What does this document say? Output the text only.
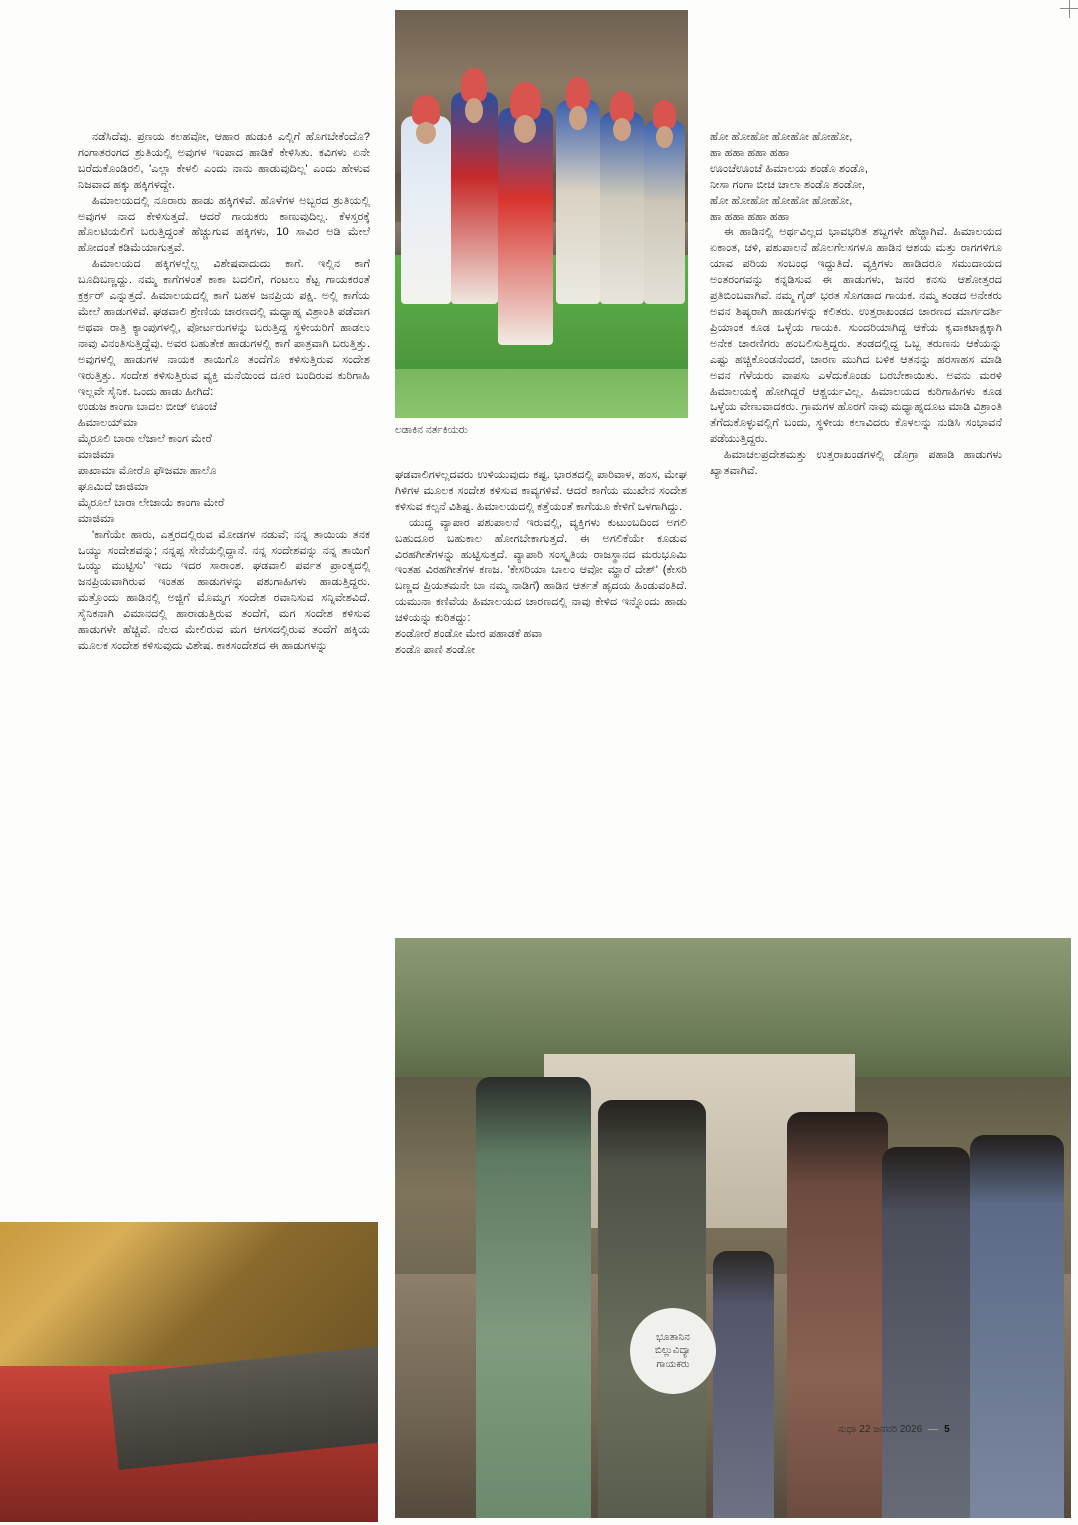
ಲಡಾಕಿನ ನರ್ತಕಿಯರು

ನಡೆಸಿದೆವು. ಪ್ರಣಯ ಕಲಹವೋ, ಆಹಾರ ಹುಡುಕಿ ಎಲ್ಲಿಗೆ ಹೊಗಬೇಕೆಂದೊ? ಗಂಗಾತರಂಗದ ಶ್ರುತಿಯಲ್ಲಿ ಅವುಗಳ ಇಂಪಾದ ಹಾಡಿಕೆ ಕೇಳಿಸಿತು. ಕವಿಗಳು ಏನೇ ಬರೆದುಕೊಂಡಿರಲಿ, 'ಎಲ್ಲಾ ಕೇಳಲಿ ಎಂದು ನಾನು ಹಾಡುವುದಿಲ್ಲ' ಎಂದು ಹೇಳುವ ನಿಜವಾದ ಹಕ್ಕು ಹಕ್ಕಿಗಳದ್ದೇ.

ಹಿಮಾಲಯದಲ್ಲಿ ನೂರಾರು ಹಾಡು ಹಕ್ಕಿಗಳಿವೆ. ಹೊಳೆಗಳ ಅಬ್ಬರದ ಶ್ರುತಿಯಲ್ಲಿ ಅವುಗಳ ನಾದ ಕೇಳಿಸುತ್ತದೆ. ಆದರೆ ಗಾಯಕರು ಕಾಣುವುದಿಲ್ಲ. ಕೆಳಸ್ತರಕ್ಕೆ ಹೊಲಟಿಯಲಿಗೆ ಬರುತ್ತಿದ್ದಂತೆ ಹೆಚ್ಚುಗುವ ಹಕ್ಕಿಗಳು, 10 ಸಾವಿರ ಅಡಿ ಮೇಲೆ ಹೋದಂತೆ ಕಡಿಮೆಯಾಗುತ್ತವೆ.

ಹಿಮಾಲಯದ ಹಕ್ಕಿಗಳಲ್ಲೆಲ್ಲ ವಿಶೇಷವಾದುದು ಕಾಗೆ. ಇಲ್ಲಿನ ಕಾಗೆ ಬೂದಿಬಣ್ಣದ್ದು. ನಮ್ಮ ಕಾಗೆಗಳಂತೆ ಕಾಕಾ ಬದಲಿಗೆ, ಗಂಟಲು ಕೆಟ್ಟ ಗಾಯಕರಂತೆ ಕ್ರರ್ಕ್ರರ್ ಎನ್ನುತ್ತದೆ. ಹಿಮಾಲಯದಲ್ಲಿ ಕಾಗೆ ಬಹಳ ಜನಪ್ರಿಯ ಪಕ್ಷಿ. ಅಲ್ಲಿ ಕಾಗೆಯ ಮೇಲೆ ಹಾಡುಗಳಿವೆ. ಘಡವಾಲಿ ಶ್ರೇಣಿಯ ಚಾರಣದಲ್ಲಿ ಮಧ್ಯಾಹ್ನ ವಿಶ್ರಾಂತಿ ಪಡೆವಾಗ ಅಥವಾ ರಾತ್ರಿ ಕ್ಯಾಂಪುಗಳಲ್ಲಿ, ಪೋರ್ಟರುಗಳನ್ನು ಬರುತ್ತಿದ್ದ ಸ್ಥಳೀಯರಿಗೆ ಹಾಡಲು ನಾವು ವಿನಂತಿಸುತ್ತಿದ್ದೆವು. ಅವರ ಬಹುತೇಕ ಹಾಡುಗಳಲ್ಲಿ ಕಾಗೆ ಪಾತ್ರವಾಗಿ ಬರುತ್ತಿತ್ತು. ಅವುಗಳಲ್ಲಿ ಹಾಡುಗಳ ನಾಯಕ ತಾಯಿಗೊ ತಂದೆಗೊ ಕಳಿಸುತ್ತಿರುವ ಸಂದೇಶ ಇರುತ್ತಿತ್ತು. ಸಂದೇಶ ಕಳಿಸುತ್ತಿರುವ ವ್ಯಕ್ತಿ ಮನೆಯಿಂದ ದೂರ ಬಂದಿರುವ ಕುರಿಗಾಹಿ ಇಲ್ಲವೇ ಸೈನಿಕ. ಒಂದು ಹಾಡು ಹೀಗಿದೆ:

ಉಡುಜ ಕಾಂಗಾ ಬಾದಲ ಬೀಜ್ ಊಂಚೆ

ಹಿಮಾಲಯ್‌ಮಾ

ಮೈರೂಲಿ ಬಾರಾ ಲೆಜಾಲೆ ಕಾಂಗ ಮೇರೆ

ಮಾಜಿಮಾ

ಪಾಖಾಮಾ ಮೋರೊ ಫೌಜಮಾ ಹಾಲೊ

ಘೂಮಿದೆ ಜಾಜಿಮಾ

ಮೈರೂಲೆ ಬಾರಾ ಲೇಜಾಯೆ ಕಾಂಗಾ ಮೇರೆ

ಮಾಜಿಮಾ

'ಕಾಗೆಯೇ ಹಾರು, ಎತ್ತರದಲ್ಲಿರುವ ಮೋಡಗಳ ನಡುವೆ; ನನ್ನ ತಾಯಿಯ ತನಕ ಒಯ್ಯು ಸಂದೇಶವನ್ನು; ನನ್ನಪ್ಪ ಸೇನೆಯಲ್ಲಿದ್ದಾನೆ. ನನ್ನ ಸಂದೇಶವನ್ನು ನನ್ನ ತಾಯಿಗೆ ಒಯ್ಯು ಮುಟ್ಟಿಸು' ಇದು ಇದರ ಸಾರಾಂಶ. ಘಡವಾಲಿ ಪರ್ವತ ಪ್ರಾಂತ್ಯದಲ್ಲಿ ಜನಪ್ರಿಯವಾಗಿರುವ ಇಂತಹ ಹಾಡುಗಳನ್ನು ಪಶುಗಾಹಿಗಳು ಹಾಡುತ್ತಿದ್ದರು. ಮತ್ತೊಂದು ಹಾಡಿನಲ್ಲಿ ಅಜ್ಜಿಗೆ ಮೊಮ್ಮಗ ಸಂದೇಶ ರವಾನಿಸುವ ಸನ್ನಿವೇಶವಿದೆ. ಸೈನಿಕನಾಗಿ ವಿಮಾನದಲ್ಲಿ ಹಾರಾಡುತ್ತಿರುವ ತಂದೆಗೆ, ಮಗ ಸಂದೇಶ ಕಳಿಸುವ ಹಾಡುಗಳೇ ಹೆಚ್ಚಿವೆ. ನೆಲದ ಮೇಲಿರುವ ಮಗ ಆಗಸದಲ್ಲಿರುವ ತಂದೆಗೆ ಹಕ್ಕಿಯ ಮೂಲಕ ಸಂದೇಶ ಕಳಿಸುವುದು ವಿಶೇಷ. ಕಾಕಸಂದೇಶದ ಈ ಹಾಡುಗಳನ್ನು

ಘಡವಾಲಿಗಳಲ್ಲದವರು ಉಳಿಯುವುದು ಕಷ್ಟ. ಭಾರತದಲ್ಲಿ ಪಾರಿವಾಳ, ಹಂಸ, ಮೇಘ ಗಿಳಿಗಳ ಮೂಲಕ ಸಂದೇಶ ಕಳಿಸುವ ಕಾವ್ಯಗಳಿವೆ. ಆದರೆ ಕಾಗೆಯ ಮುಖೇನ ಸಂದೇಶ ಕಳಿಸುವ ಕಲ್ಪನೆ ವಿಶಿಷ್ಟ. ಹಿಮಾಲಯದಲ್ಲಿ ಕತ್ತೆಯಂತೆ ಕಾಗೆಯೂ ಕೇಳಿಗೆ ಒಳಗಾಗಿದ್ದು.

ಯುದ್ಧ ವ್ಯಾಪಾರ ಪಶುಪಾಲನೆ ಇರುವಲ್ಲಿ, ವ್ಯಕ್ತಿಗಳು ಕುಟುಂಬದಿಂದ ಅಗಲಿ ಬಹುದೂರ ಬಹುಕಾಲ ಹೋಗಬೇಕಾಗುತ್ತದೆ. ಈ ಅಗಲಿಕೆಯೇ ಕೂಡುವ ವಿರಹಗೀತೆಗಳನ್ನು ಹುಟ್ಟಿಸುತ್ತದೆ. ವ್ಯಾಪಾರಿ ಸಂಸ್ಕೃತಿಯ ರಾಜಸ್ಥಾನದ ಮರುಭೂಮಿ ಇಂತಹ ವಿರಹಗೀತೆಗಳ ಕಣಜ. 'ಕೇಸರಿಯಾ ಬಾಲಂ ಆವೋ ಮ್ಹಾರೆ ದೇಶ್' (ಕೇಸರಿ ಬಣ್ಣದ ಪ್ರಿಯತಮನೇ ಬಾ ನಮ್ಮ ನಾಡಿಗೆ) ಹಾಡಿನ ಆರ್ತತೆ ಹೃದಯ ಹಿಂಡುವಂತಿದೆ. ಯಮುನಾ ಕಣಿವೆಯ ಹಿಮಾಲಯದ ಚಾರಣದಲ್ಲಿ ನಾವು ಕೇಳಿದ ಇನ್ನೊಂದು ಹಾಡು ಚಳಿಯನ್ನು ಕುರಿತದ್ದು:

ಶಂಡೋರೆ ಶಂಡೋ ಮೇರ ಪಹಾಡಕೆ ಹವಾ

ಶಂಡೊ ಪಾಣಿ ಶಂಡೋ

ಹೋ ಹೋಹೋ ಹೋಹೋ ಹೋಹೋ,

ಹಾ ಹಹಾ ಹಹಾ ಹಹಾ

ಊಂಚೆಊಂಚೆ ಹಿಮಾಲಯ ಶಂಡೊ ಶಂಡೊ,

ನೀಸಾ ಗಂಗಾ ಬೀಚ ಚಾಲಾ ಶಂಡೊ ಶಂಡೋ,

ಹೋ ಹೋಹೋ ಹೋಹೋ ಹೋಹೋ,

ಹಾ ಹಹಾ ಹಹಾ ಹಹಾ

ಈ ಹಾಡಿನಲ್ಲಿ ಅರ್ಥವಿಲ್ಲದ ಭಾವಭರಿತ ಶಬ್ದಗಳೇ ಹೆಚ್ಚಾಗಿವೆ. ಹಿಮಾಲಯದ ಏಕಾಂತ, ಚಳಿ, ಪಶುಪಾಲನೆ ಹೊಲಗೆಲಸಗಳೂ ಹಾಡಿನ ಆಶಯ ಮತ್ತು ರಾಗಗಳಿಗೂ ಯಾವ ಪರಿಯ ಸಂಬಂಧ ಇದ್ದುತಿದೆ. ವ್ಯಕ್ತಿಗಳು ಹಾಡಿದರೂ ಸಮುದಾಯದ ಅಂತರಂಗವನ್ನು ಕನ್ನಡಿಸುವ ಈ ಹಾಡುಗಳು, ಜನರ ಕನಸು ಆಶೋತ್ತರದ ಪ್ರತಿಬಿಂಬವಾಗಿವೆ. ನಮ್ಮ ಗೈಡ್ ಭರತ ಸೊಗಡಾದ ಗಾಯಕ. ನಮ್ಮ ತಂಡದ ಅನೇಕರು ಅವನ ಶಿಷ್ಯರಾಗಿ ಹಾಡುಗಳನ್ನು ಕಲಿತರು. ಉತ್ತರಾಖಂಡದ ಚಾರಣದ ಮಾರ್ಗದರ್ಶಿ ಪ್ರಿಯಾಂಕ ಕೂಡ ಒಳ್ಳೆಯ ಗಾಯಕಿ. ಸುಂದರಿಯಾಗಿದ್ದ ಆಕೆಯ ಕೃವಾಕಟಾಕ್ಷಕ್ಕಾಗಿ ಅನೇಕ ಚಾರಣಿಗರು ಹಂಬಲಿಸುತ್ತಿದ್ದರು. ತಂಡದಲ್ಲಿದ್ದ ಒಬ್ಬ ತರುಣನು ಆಕೆಯನ್ನು ಎಷ್ಟು ಹಚ್ಚಿಕೊಂಡನೆಂದರೆ, ಚಾರಣ ಮುಗಿದ ಬಳಿಕ ಆತನನ್ನು ಹರಸಾಹಸ ಮಾಡಿ ಅವನ ಗೆಳೆಯರು ವಾಪಸು ಎಳೆದುಕೊಂಡು ಬರಬೇಕಾಯಿತು. ಅವನು ಮರಳಿ ಹಿಮಾಲಯಕ್ಕೆ ಹೋಗಿದ್ದರೆ ಆಶ್ಚರ್ಯವಿಲ್ಲ. ಹಿಮಾಲಯದ ಕುರಿಗಾಹಿಗಳು ಕೂಡ ಒಳ್ಳೆಯ ವೇಣುವಾದಕರು. ಗ್ರಾಮಗಳ ಹೊರಗೆ ನಾವು ಮಧ್ಯಾಹ್ನದೂಟ ಮಾಡಿ ವಿಶ್ರಾಂತಿ ತೆಗೆದುಕೊಳ್ಳುವಲ್ಲಿಗೆ ಬಂದು, ಸ್ಥಳೀಯ ಕಲಾವಿದರು ಕೊಳಲನ್ನು ನುಡಿಸಿ ಸಂಭಾವನೆ ಪಡೆಯುತ್ತಿದ್ದರು.

ಹಿಮಾಚಲಪ್ರದೇಶಮತ್ತು ಉತ್ತರಾಖಂಡಗಳಲ್ಲಿ ಡೊಗ್ರಾ ಪಹಾಡಿ ಹಾಡುಗಳು ಖ್ಯಾತವಾಗಿವೆ.

ಭೂತಾನಿನ
ಬಿಲ್ಲುವಿದ್ಯಾ
ಗಾಯಕರು
ಸುಧಾ 22 ಜನವರಿ 2026 5
